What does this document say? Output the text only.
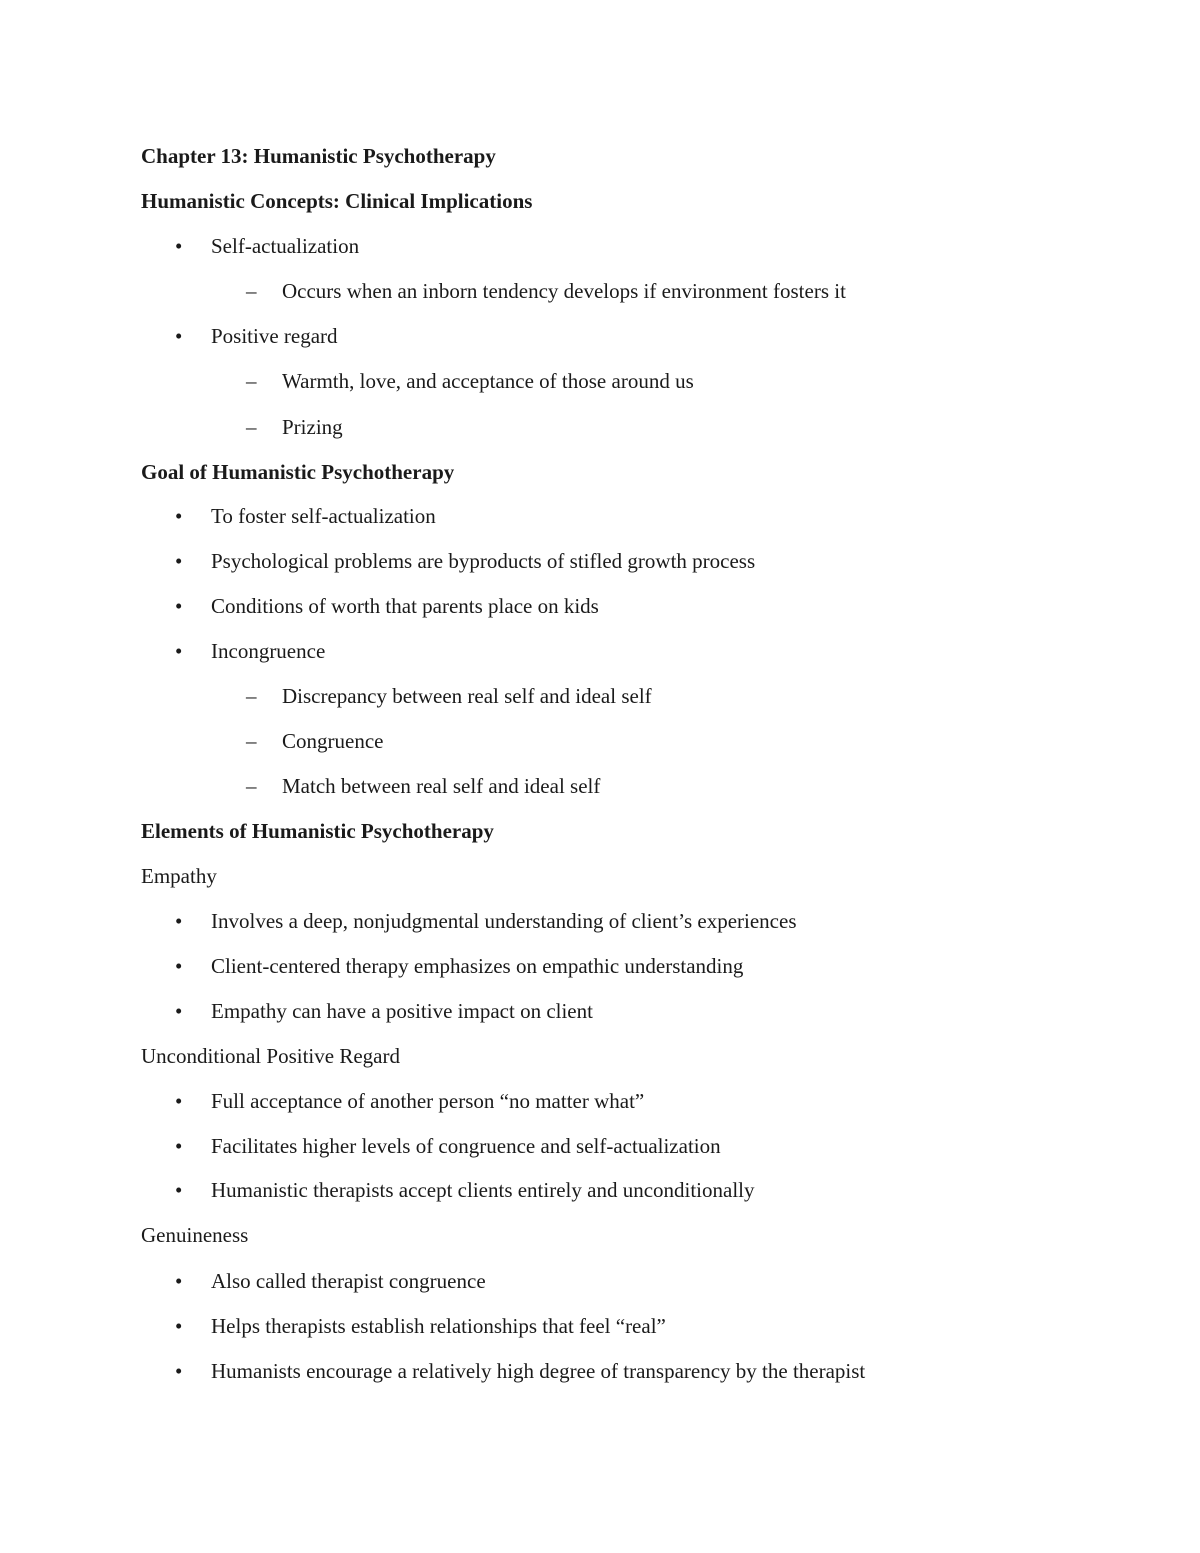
Chapter 13: Humanistic Psychotherapy
Humanistic Concepts: Clinical Implications
• Self-actualization
– Occurs when an inborn tendency develops if environment fosters it
• Positive regard
– Warmth, love, and acceptance of those around us
– Prizing
Goal of Humanistic Psychotherapy
• To foster self-actualization
• Psychological problems are byproducts of stifled growth process
• Conditions of worth that parents place on kids
• Incongruence
– Discrepancy between real self and ideal self
– Congruence
– Match between real self and ideal self
Elements of Humanistic Psychotherapy
Empathy
• Involves a deep, nonjudgmental understanding of client’s experiences
• Client-centered therapy emphasizes on empathic understanding
• Empathy can have a positive impact on client
Unconditional Positive Regard
• Full acceptance of another person “no matter what”
• Facilitates higher levels of congruence and self-actualization
• Humanistic therapists accept clients entirely and unconditionally
Genuineness
• Also called therapist congruence
• Helps therapists establish relationships that feel “real”
• Humanists encourage a relatively high degree of transparency by the therapist
